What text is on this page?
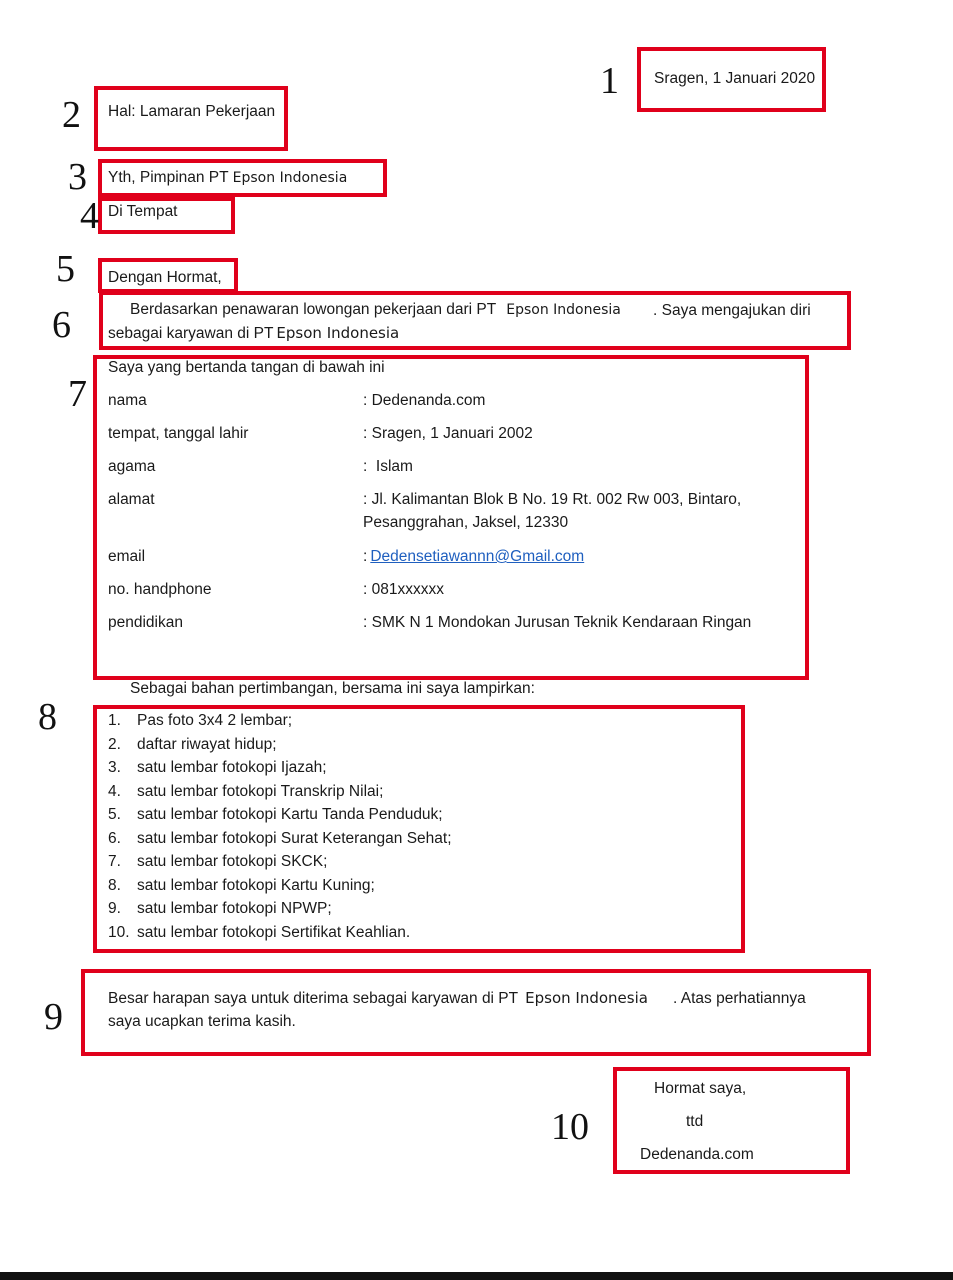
1
2
3
4
5
6
7
8
9
10
Sragen, 1 Januari 2020
Hal: Lamaran Pekerjaan
Yth, Pimpinan PT Epson Indonesia
Di Tempat
Dengan Hormat,
Berdasarkan penawaran lowongan pekerjaan dari PT Epson Indonesia . Saya mengajukan diri
sebagai karyawan di PT Epson Indonesia
Saya yang bertanda tangan di bawah ini
nama	: Dedenanda.com
tempat, tanggal lahir	: Sragen, 1 Januari 2002
agama	:  Islam
alamat	: Jl. Kalimantan Blok B No. 19 Rt. 002 Rw 003, Bintaro,
Pesanggrahan, Jaksel, 12330
email	: Dedensetiawannn@Gmail.com
no. handphone	: 081xxxxxx
pendidikan	: SMK N 1 Mondokan Jurusan Teknik Kendaraan Ringan
Sebagai bahan pertimbangan, bersama ini saya lampirkan:
1.	Pas foto 3x4 2 lembar;
2.	daftar riwayat hidup;
3.	satu lembar fotokopi Ijazah;
4.	satu lembar fotokopi Transkrip Nilai;
5.	satu lembar fotokopi Kartu Tanda Penduduk;
6.	satu lembar fotokopi Surat Keterangan Sehat;
7.	satu lembar fotokopi SKCK;
8.	satu lembar fotokopi Kartu Kuning;
9.	satu lembar fotokopi NPWP;
10. satu lembar fotokopi Sertifikat Keahlian.
Besar harapan saya untuk diterima sebagai karyawan di PT Epson Indonesia . Atas perhatiannya
saya ucapkan terima kasih.
Hormat saya,
ttd
Dedenanda.com
